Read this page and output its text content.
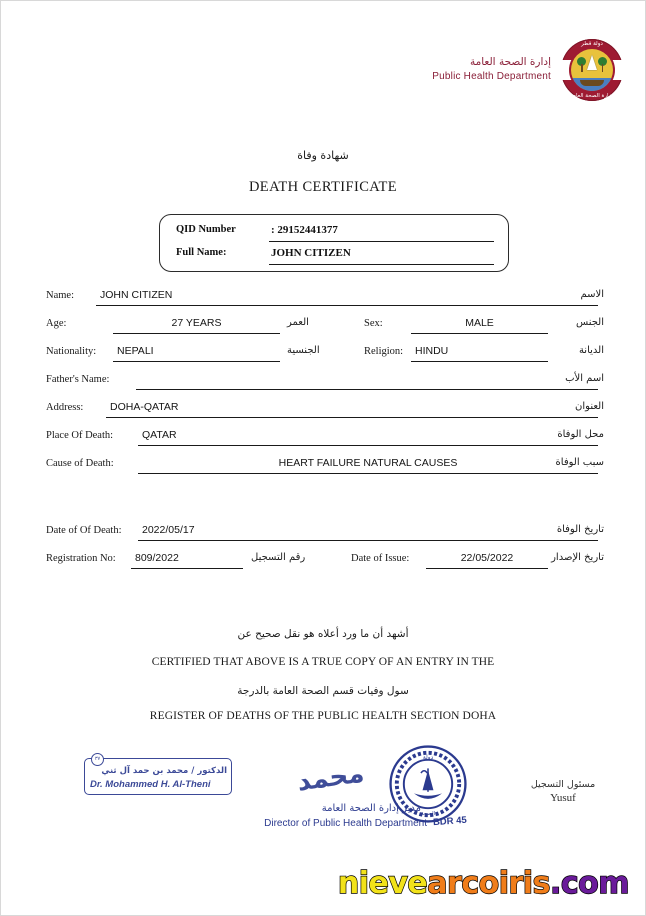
إدارة الصحة العامة
Public Health Department
دولة قطر
وزارة الصحة العامة
شهادة وفاة
DEATH CERTIFICATE
QID Number	: 29152441377
Full Name:	JOHN CITIZEN
Name:	JOHN CITIZEN	الاسم
Age:	27 YEARS	العمر	Sex:	MALE	الجنس
Nationality:	NEPALI	الجنسية	Religion:	HINDU	الديانة
Father's Name:	اسم الأب
Address:	DOHA-QATAR	العنوان
Place Of Death:	QATAR	محل الوفاة
Cause of Death:	HEART FAILURE NATURAL CAUSES	سبب الوفاة
Date of Of Death:	2022/05/17	تاريخ الوفاة
Registration No:	809/2022	رقم التسجيل	Date of Issue:	22/05/2022	تاريخ الإصدار
أشهد أن ما ورد أعلاه هو نقل صحيح عن
CERTIFIED THAT ABOVE IS A TRUE COPY OF AN ENTRY IN THE
سول وفيات قسم الصحة العامة بالدرجة
REGISTER OF DEATHS OF THE PUBLIC HEALTH SECTION DOHA
٣٧
الدكتور / محمد بن حمد آل ثني
Dr. Mohammed H. Al-Theni	محمد
دولة
الصحة
BDR 45
مدير إدارة الصحة العامة
Director of Public Health Department
مسئول التسجيل
Yusuf
nievearcoiris.com
